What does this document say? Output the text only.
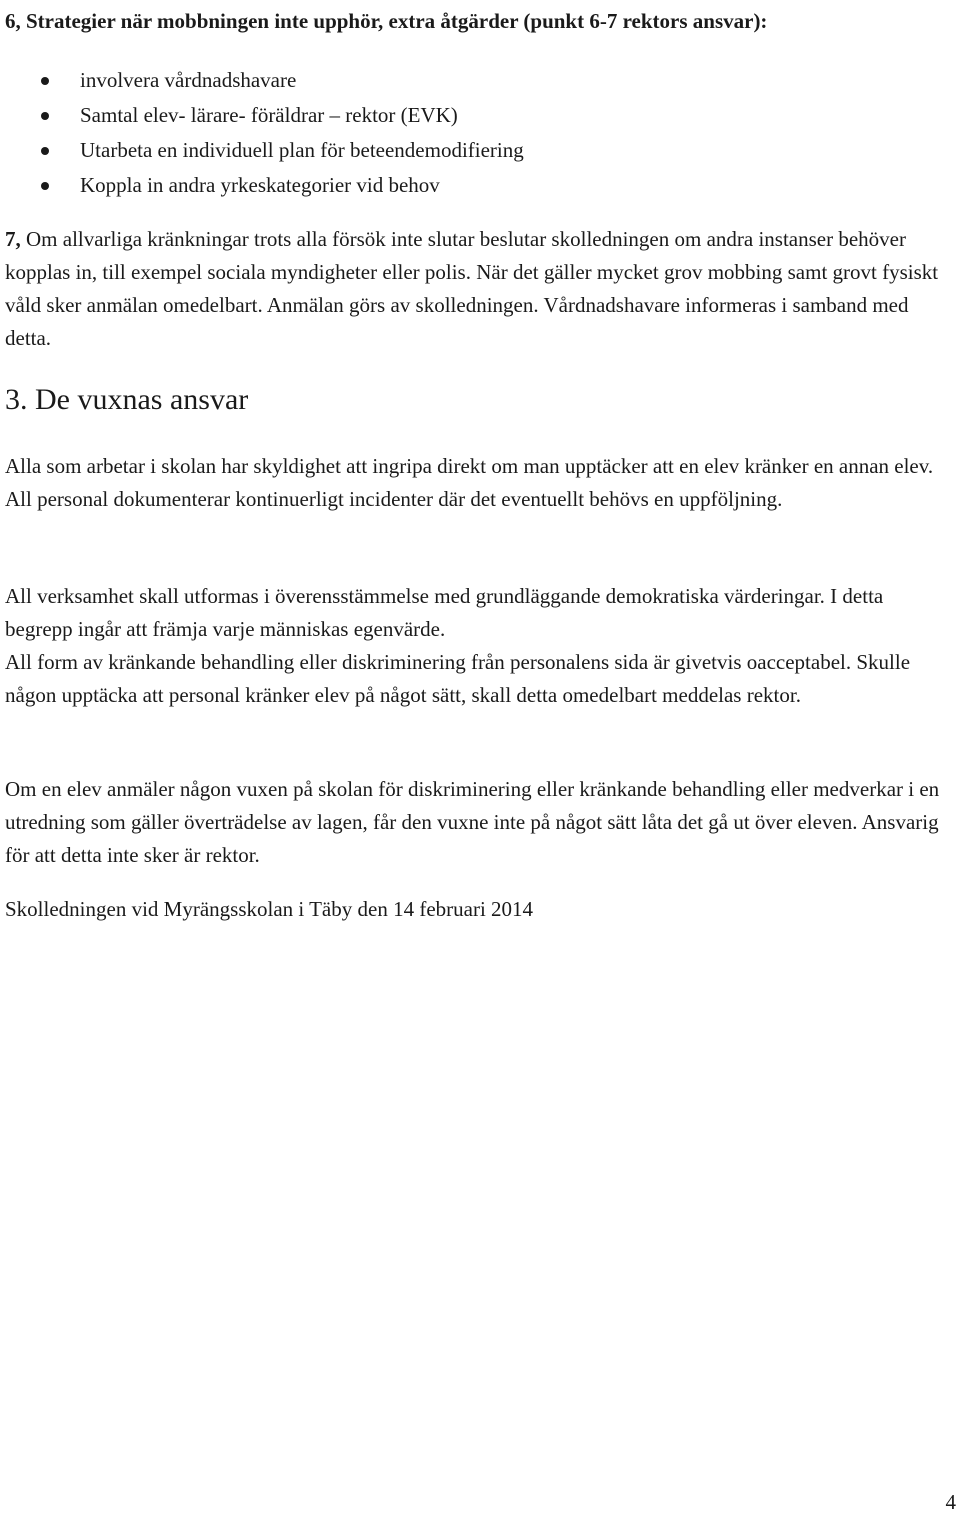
6, Strategier när mobbningen inte upphör, extra åtgärder (punkt 6-7 rektors ansvar):
involvera vårdnadshavare
Samtal elev- lärare- föräldrar – rektor (EVK)
Utarbeta en individuell plan för beteendemodifiering
Koppla in andra yrkeskategorier vid behov

7, Om allvarliga kränkningar trots alla försök inte slutar beslutar skolledningen om andra instanser behöver kopplas in, till exempel sociala myndigheter eller polis. När det gäller mycket grov mobbing samt grovt fysiskt våld sker anmälan omedelbart. Anmälan görs av skolledningen. Vårdnadshavare informeras i samband med detta.

3. De vuxnas ansvar

Alla som arbetar i skolan har skyldighet att ingripa direkt om man upptäcker att en elev kränker en annan elev. All personal dokumenterar kontinuerligt incidenter där det eventuellt behövs en uppföljning.

All verksamhet skall utformas i överensstämmelse med grundläggande demokratiska värderingar. I detta begrepp ingår att främja varje människas egenvärde.
All form av kränkande behandling eller diskriminering från personalens sida är givetvis oacceptabel. Skulle någon upptäcka att personal kränker elev på något sätt, skall detta omedelbart meddelas rektor.

Om en elev anmäler någon vuxen på skolan för diskriminering eller kränkande behandling eller medverkar i en utredning som gäller överträdelse av lagen, får den vuxne inte på något sätt låta det gå ut över eleven. Ansvarig för att detta inte sker är rektor.

Skolledningen vid Myrängsskolan i Täby den 14 februari 2014

4
